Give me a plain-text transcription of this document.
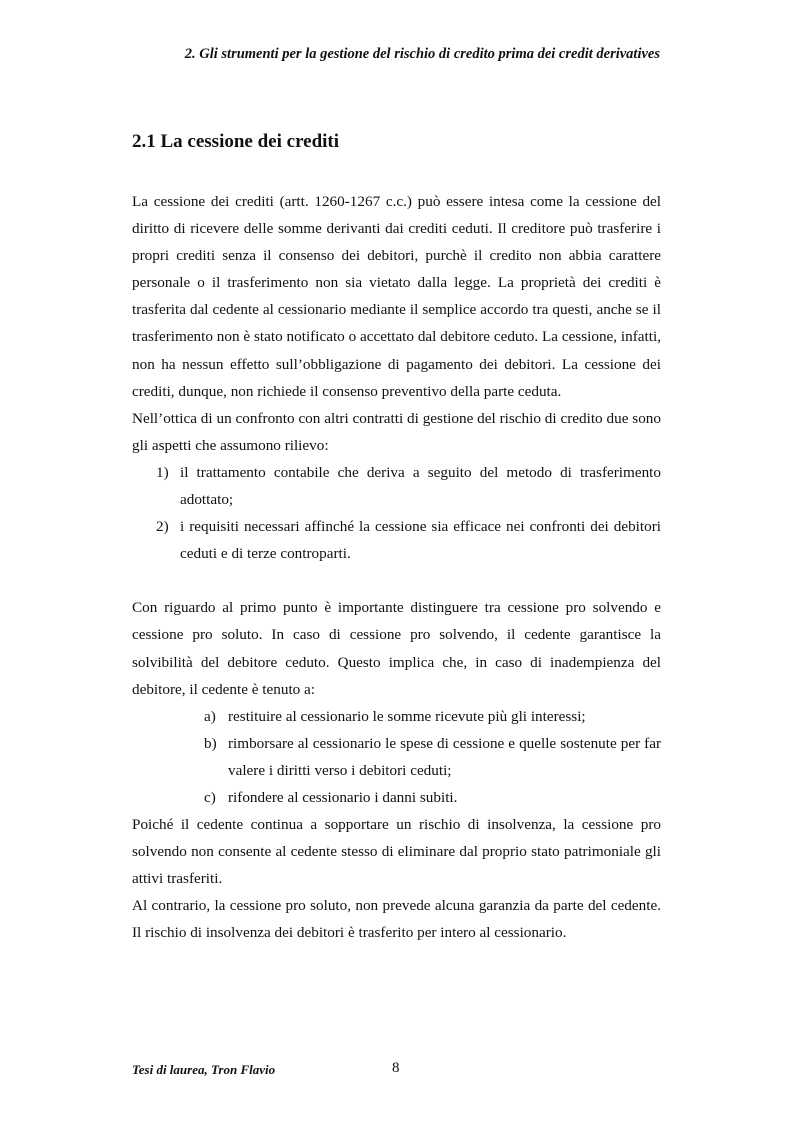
2. Gli strumenti per la gestione del rischio di credito prima dei credit derivatives
2.1 La cessione dei crediti

La cessione dei crediti (artt. 1260-1267 c.c.) può essere intesa come la cessione del diritto di ricevere delle somme derivanti dai crediti ceduti. Il creditore può trasferire i propri crediti senza il consenso dei debitori, purchè il credito non abbia carattere personale o il trasferimento non sia vietato dalla legge. La proprietà dei crediti è trasferita dal cedente al cessionario mediante il semplice accordo tra questi, anche se il trasferimento non è stato notificato o accettato dal debitore ceduto. La cessione, infatti, non ha nessun effetto sull’obbligazione di pagamento dei debitori. La cessione dei crediti, dunque, non richiede il consenso preventivo della parte ceduta.

Nell’ottica di un confronto con altri contratti di gestione del rischio di credito due sono gli aspetti che assumono rilievo:

1) il trattamento contabile che deriva a seguito del metodo di trasferimento adottato;
2) i requisiti necessari affinché la cessione sia efficace nei confronti dei debitori ceduti e di terze controparti.

Con riguardo al primo punto è importante distinguere tra cessione pro solvendo e cessione pro soluto. In caso di cessione pro solvendo, il cedente garantisce la solvibilità del debitore ceduto. Questo implica che, in caso di inadempienza del debitore, il cedente è tenuto a:

a) restituire al cessionario le somme ricevute più gli interessi;
b) rimborsare al cessionario le spese di cessione e quelle sostenute per far valere i diritti verso i debitori ceduti;
c) rifondere al cessionario i danni subiti.

Poiché il cedente continua a sopportare un rischio di insolvenza, la cessione pro solvendo non consente al cedente stesso di eliminare dal proprio stato patrimoniale gli attivi trasferiti.

Al contrario, la cessione pro soluto, non prevede alcuna garanzia da parte del cedente. Il rischio di insolvenza dei debitori è trasferito per intero al cessionario.

Tesi di laurea, Tron Flavio	8
